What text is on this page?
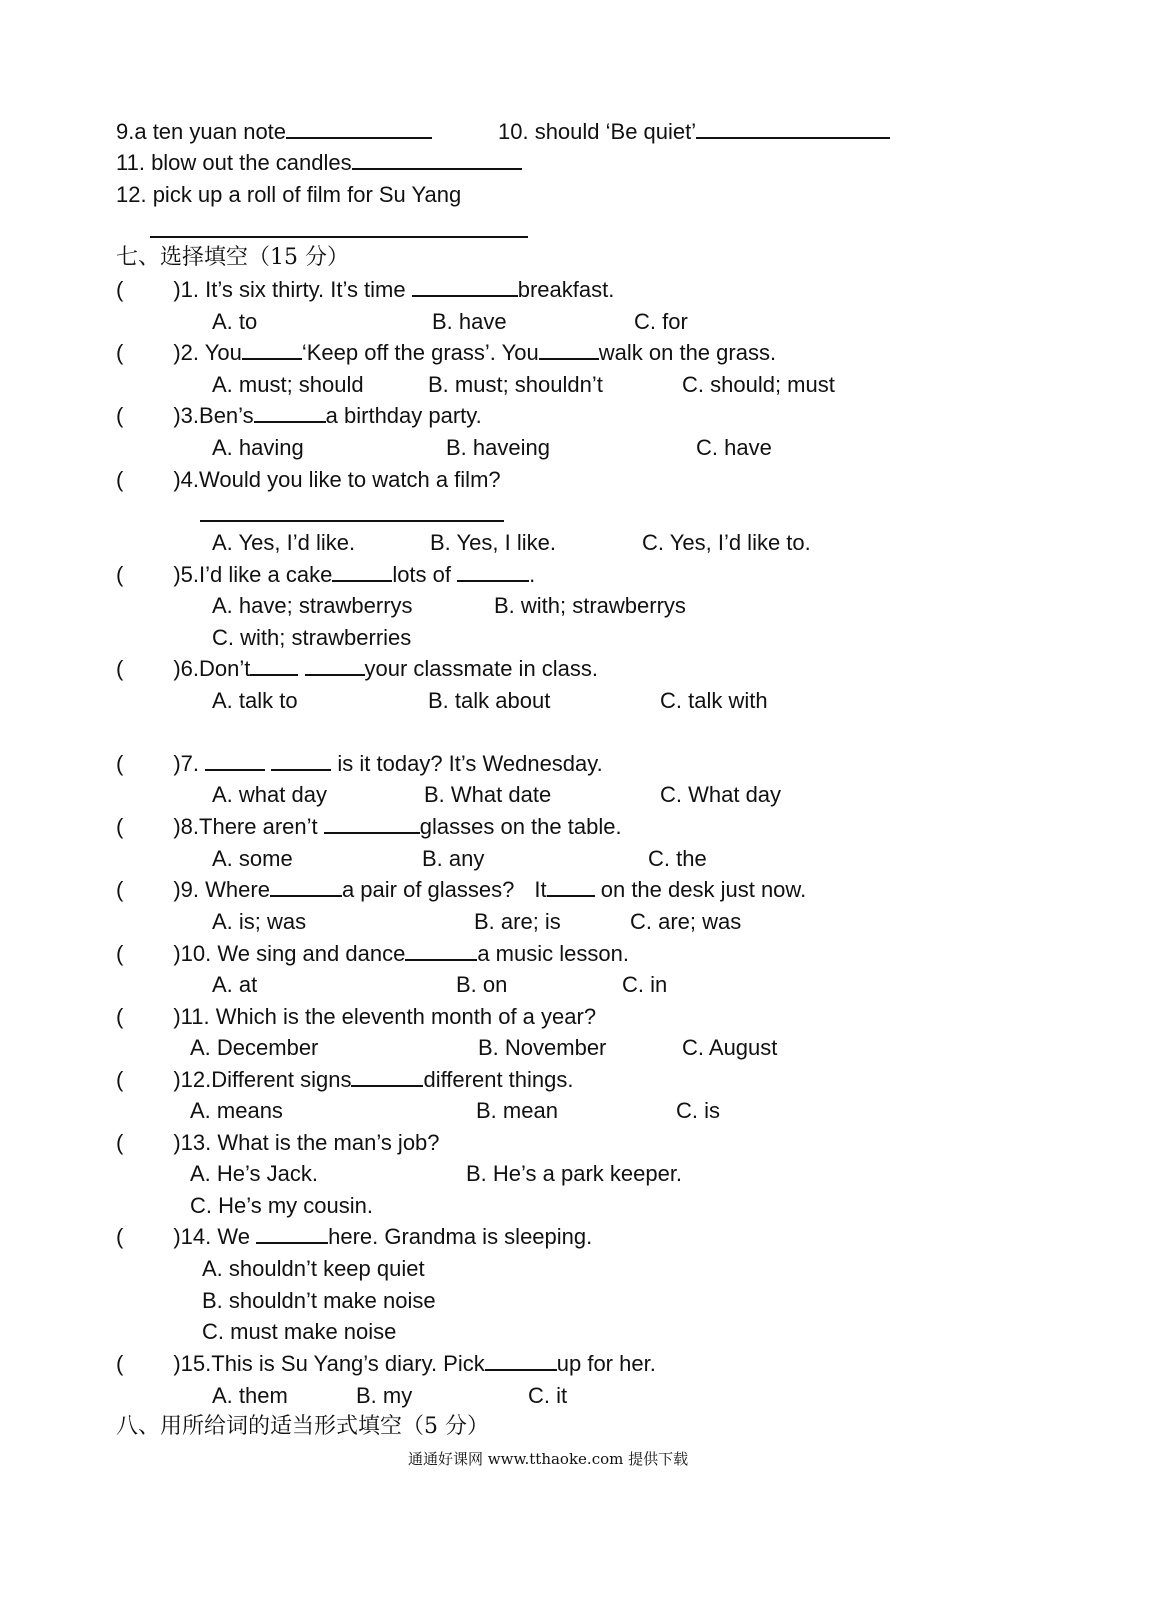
9.a ten yuan note	10. should ‘Be quiet’
11. blow out the candles
12. pick up a roll of film for Su Yang
七、选择填空（15 分）
( )1. It’s six thirty. It’s time	breakfast.
A. to	B. have	C. for
( )2. You	‘Keep off the grass’. You	walk on the grass.
A. must; should	B. must; shouldn’t	C. should; must
( )3.Ben’s	a birthday party.
A. having	B. haveing	C. have
( )4.Would you like to watch a film?
A. Yes, I’d like.	B. Yes, I like.	C. Yes, I’d like to.
( )5.I’d like a cake	lots of	.
A. have; strawberrys	B. with; strawberrys
C. with; strawberries
( )6.Don’t	your classmate in class.
A. talk to	B. talk about	C. talk with
( )7.	is it today? It’s Wednesday.
A. what day	B. What date	C. What day
( )8.There aren’t	glasses on the table.
A. some	B. any	C. the
( )9. Where	a pair of glasses? It on the desk just now.
A. is; was	B. are; is	C. are; was
( )10. We sing and dance	a music lesson.
A. at	B. on	C. in
( )11. Which is the eleventh month of a year?
A. December	B. November	C. August
( )12.Different signs	different things.
A. means	B. mean	C. is
( )13. What is the man’s job?
A. He’s Jack.	B. He’s a park keeper.
C. He’s my cousin.
( )14. We	here. Grandma is sleeping.
A. shouldn’t keep quiet
B. shouldn’t make noise
C. must make noise
( )15.This is Su Yang’s diary. Pick	up for her.
A. them	B. my	C. it
八、用所给词的适当形式填空（5 分）
通通好课网 www.tthaoke.com 提供下载
